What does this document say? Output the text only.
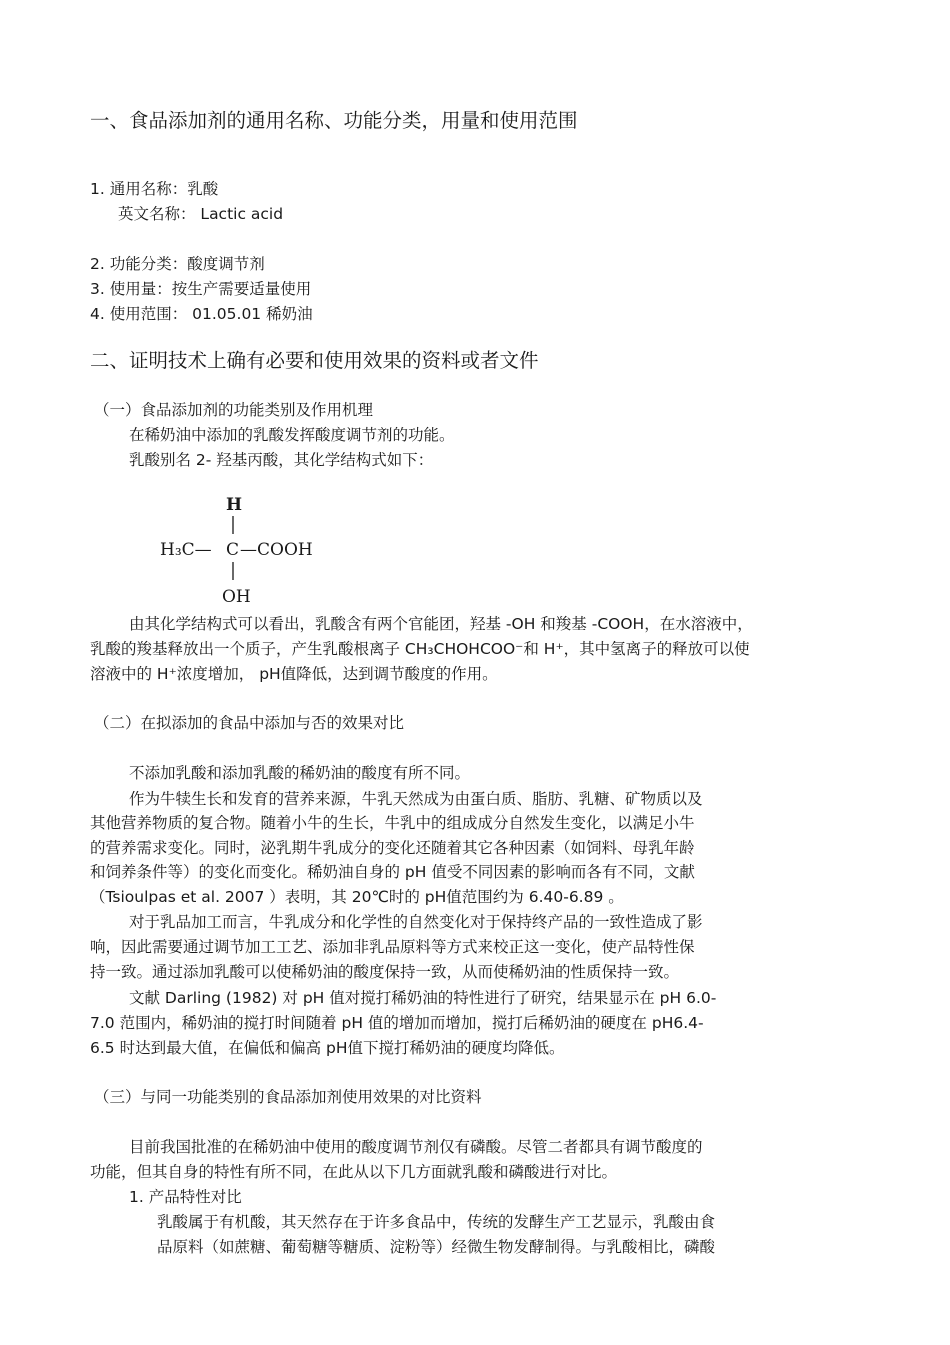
一、食品添加剂的通用名称、功能分类，用量和使用范围
1. 通用名称：乳酸
英文名称： Lactic acid
2. 功能分类：酸度调节剂
3. 使用量：按生产需要适量使用
4. 使用范围： 01.05.01 稀奶油
二、证明技术上确有必要和使用效果的资料或者文件
（一）食品添加剂的功能类别及作用机理
在稀奶油中添加的乳酸发挥酸度调节剂的功能。
乳酸别名 2- 羟基丙酸，其化学结构式如下：
H
H₃C— C —COOH
OH
由其化学结构式可以看出，乳酸含有两个官能团，羟基 -OH 和羧基 -COOH，在水溶液中，
乳酸的羧基释放出一个质子，产生乳酸根离子 CH₃CHOHCOO⁻和 H⁺，其中氢离子的释放可以使
溶液中的 H⁺浓度增加， pH值降低，达到调节酸度的作用。
（二）在拟添加的食品中添加与否的效果对比
不添加乳酸和添加乳酸的稀奶油的酸度有所不同。
作为牛犊生长和发育的营养来源，牛乳天然成为由蛋白质、脂肪、乳糖、矿物质以及
其他营养物质的复合物。随着小牛的生长，牛乳中的组成成分自然发生变化，以满足小牛
的营养需求变化。同时，泌乳期牛乳成分的变化还随着其它各种因素（如饲料、母乳年龄
和饲养条件等）的变化而变化。稀奶油自身的 pH 值受不同因素的影响而各有不同，文献
（Tsioulpas et al. 2007 ）表明，其 20℃时的 pH值范围约为 6.40-6.89 。
对于乳品加工而言，牛乳成分和化学性的自然变化对于保持终产品的一致性造成了影
响，因此需要通过调节加工工艺、添加非乳品原料等方式来校正这一变化，使产品特性保
持一致。通过添加乳酸可以使稀奶油的酸度保持一致，从而使稀奶油的性质保持一致。
文献 Darling (1982) 对 pH 值对搅打稀奶油的特性进行了研究，结果显示在 pH 6.0-
7.0 范围内，稀奶油的搅打时间随着 pH 值的增加而增加，搅打后稀奶油的硬度在 pH6.4-
6.5 时达到最大值，在偏低和偏高 pH值下搅打稀奶油的硬度均降低。
（三）与同一功能类别的食品添加剂使用效果的对比资料
目前我国批准的在稀奶油中使用的酸度调节剂仅有磷酸。尽管二者都具有调节酸度的
功能，但其自身的特性有所不同，在此从以下几方面就乳酸和磷酸进行对比。
1. 产品特性对比
乳酸属于有机酸，其天然存在于许多食品中，传统的发酵生产工艺显示，乳酸由食
品原料（如蔗糖、葡萄糖等糖质、淀粉等）经微生物发酵制得。与乳酸相比，磷酸
